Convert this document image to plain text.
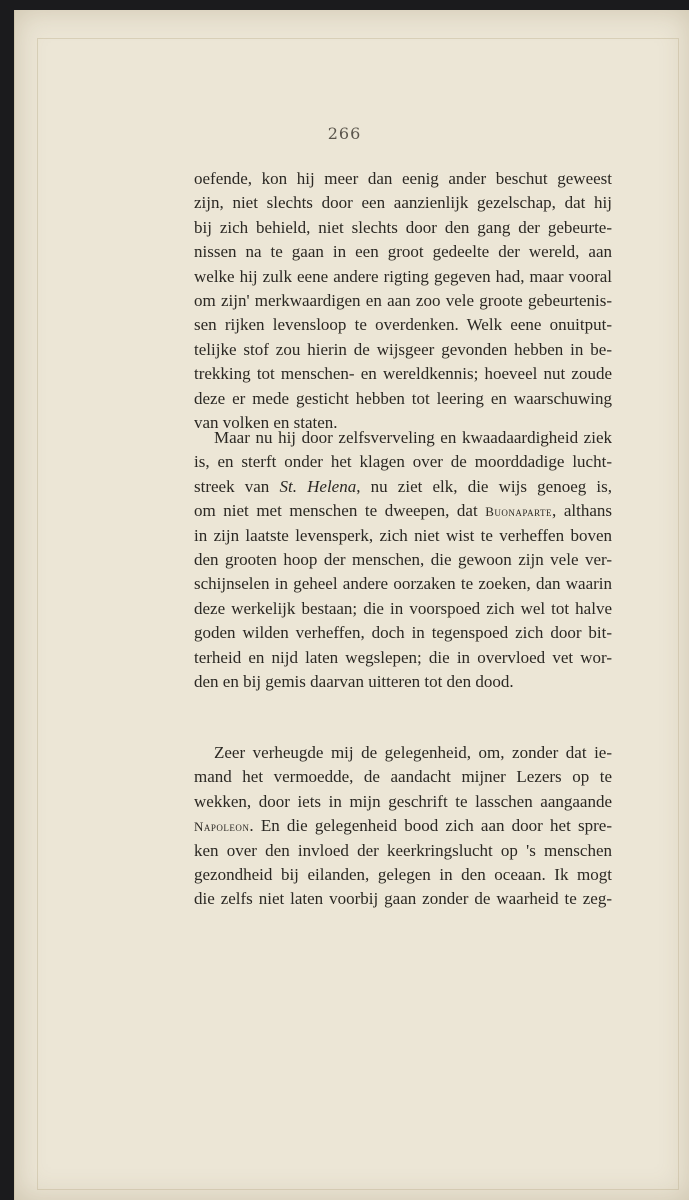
266
oefende, kon hij meer dan eenig ander beschut geweest
zijn, niet slechts door een aanzienlijk gezelschap, dat hij
bij zich behield, niet slechts door den gang der gebeurte-
nissen na te gaan in een groot gedeelte der wereld, aan
welke hij zulk eene andere rigting gegeven had, maar vooral
om zijn' merkwaardigen en aan zoo vele groote gebeurtenis-
sen rijken levensloop te overdenken. Welk eene onuitput-
telijke stof zou hierin de wijsgeer gevonden hebben in be-
trekking tot menschen- en wereldkennis; hoeveel nut zoude
deze er mede gesticht hebben tot leering en waarschuwing
van volken en staten.
Maar nu hij door zelfsverveling en kwaadaardigheid ziek
is, en sterft onder het klagen over de moorddadige lucht-
streek van St. Helena, nu ziet elk, die wijs genoeg is,
om niet met menschen te dweepen, dat Buonaparte, althans
in zijn laatste levensperk, zich niet wist te verheffen boven
den grooten hoop der menschen, die gewoon zijn vele ver-
schijnselen in geheel andere oorzaken te zoeken, dan waarin
deze werkelijk bestaan; die in voorspoed zich wel tot halve
goden wilden verheffen, doch in tegenspoed zich door bit-
terheid en nijd laten wegslepen; die in overvloed vet wor-
den en bij gemis daarvan uitteren tot den dood.
Zeer verheugde mij de gelegenheid, om, zonder dat ie-
mand het vermoedde, de aandacht mijner Lezers op te
wekken, door iets in mijn geschrift te lasschen aangaande
Napoleon. En die gelegenheid bood zich aan door het spre-
ken over den invloed der keerkringslucht op 's menschen
gezondheid bij eilanden, gelegen in den oceaan. Ik mogt
die zelfs niet laten voorbij gaan zonder de waarheid te zeg-
